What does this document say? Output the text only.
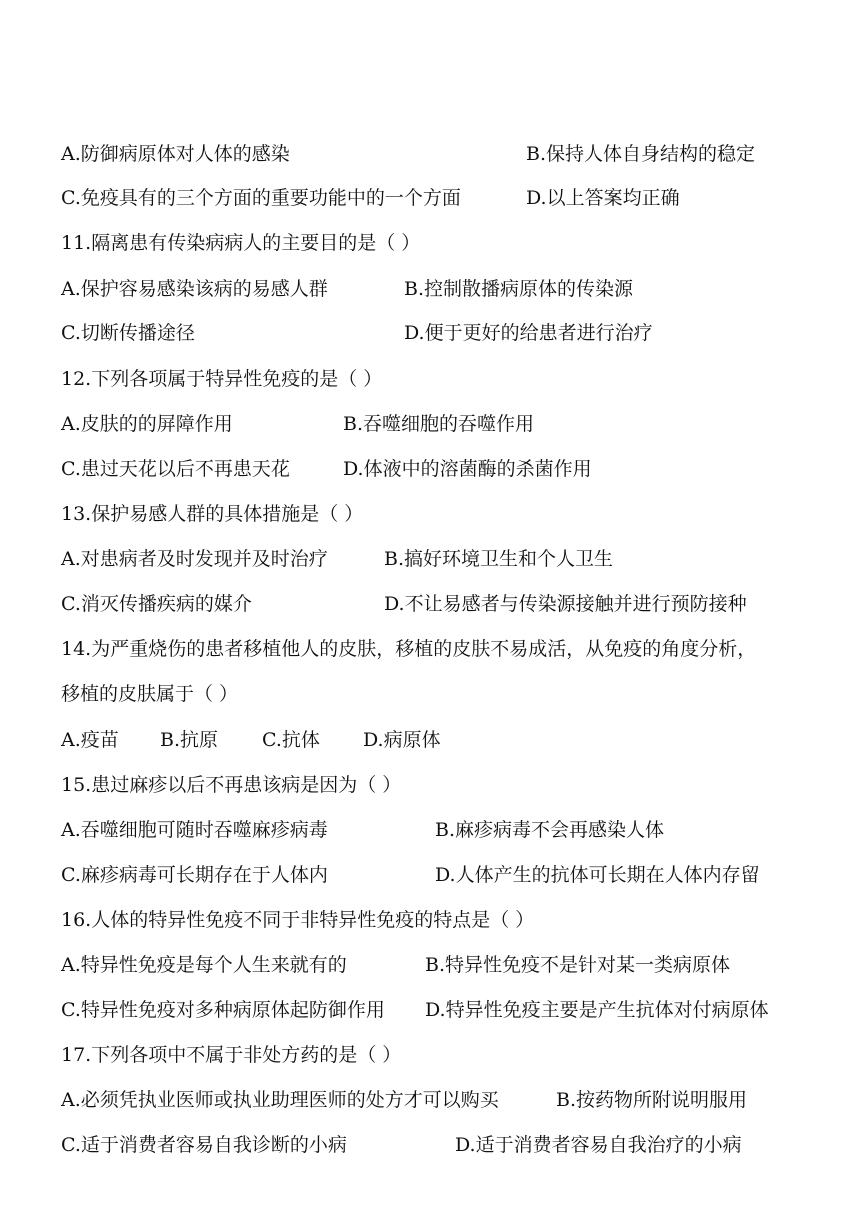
A.防御病原体对人体的感染	B.保持人体自身结构的稳定
C.免疫具有的三个方面的重要功能中的一个方面	D.以上答案均正确
11.隔离患有传染病病人的主要目的是（ ）
A.保护容易感染该病的易感人群	B.控制散播病原体的传染源
C.切断传播途径	D.便于更好的给患者进行治疗
12.下列各项属于特异性免疫的是（ ）
A.皮肤的的屏障作用	B.吞噬细胞的吞噬作用
C.患过天花以后不再患天花	D.体液中的溶菌酶的杀菌作用
13.保护易感人群的具体措施是（ ）
A.对患病者及时发现并及时治疗	B.搞好环境卫生和个人卫生
C.消灭传播疾病的媒介	D.不让易感者与传染源接触并进行预防接种
14.为严重烧伤的患者移植他人的皮肤，移植的皮肤不易成活，从免疫的角度分析，
移植的皮肤属于（ ）
A.疫苗 B.抗原 C.抗体 D.病原体
15.患过麻疹以后不再患该病是因为（ ）
A.吞噬细胞可随时吞噬麻疹病毒	B.麻疹病毒不会再感染人体
C.麻疹病毒可长期存在于人体内	D.人体产生的抗体可长期在人体内存留
16.人体的特异性免疫不同于非特异性免疫的特点是（ ）
A.特异性免疫是每个人生来就有的	B.特异性免疫不是针对某一类病原体
C.特异性免疫对多种病原体起防御作用 D.特异性免疫主要是产生抗体对付病原体
17.下列各项中不属于非处方药的是（ ）
A.必须凭执业医师或执业助理医师的处方才可以购买	B.按药物所附说明服用
C.适于消费者容易自我诊断的小病	D.适于消费者容易自我治疗的小病
